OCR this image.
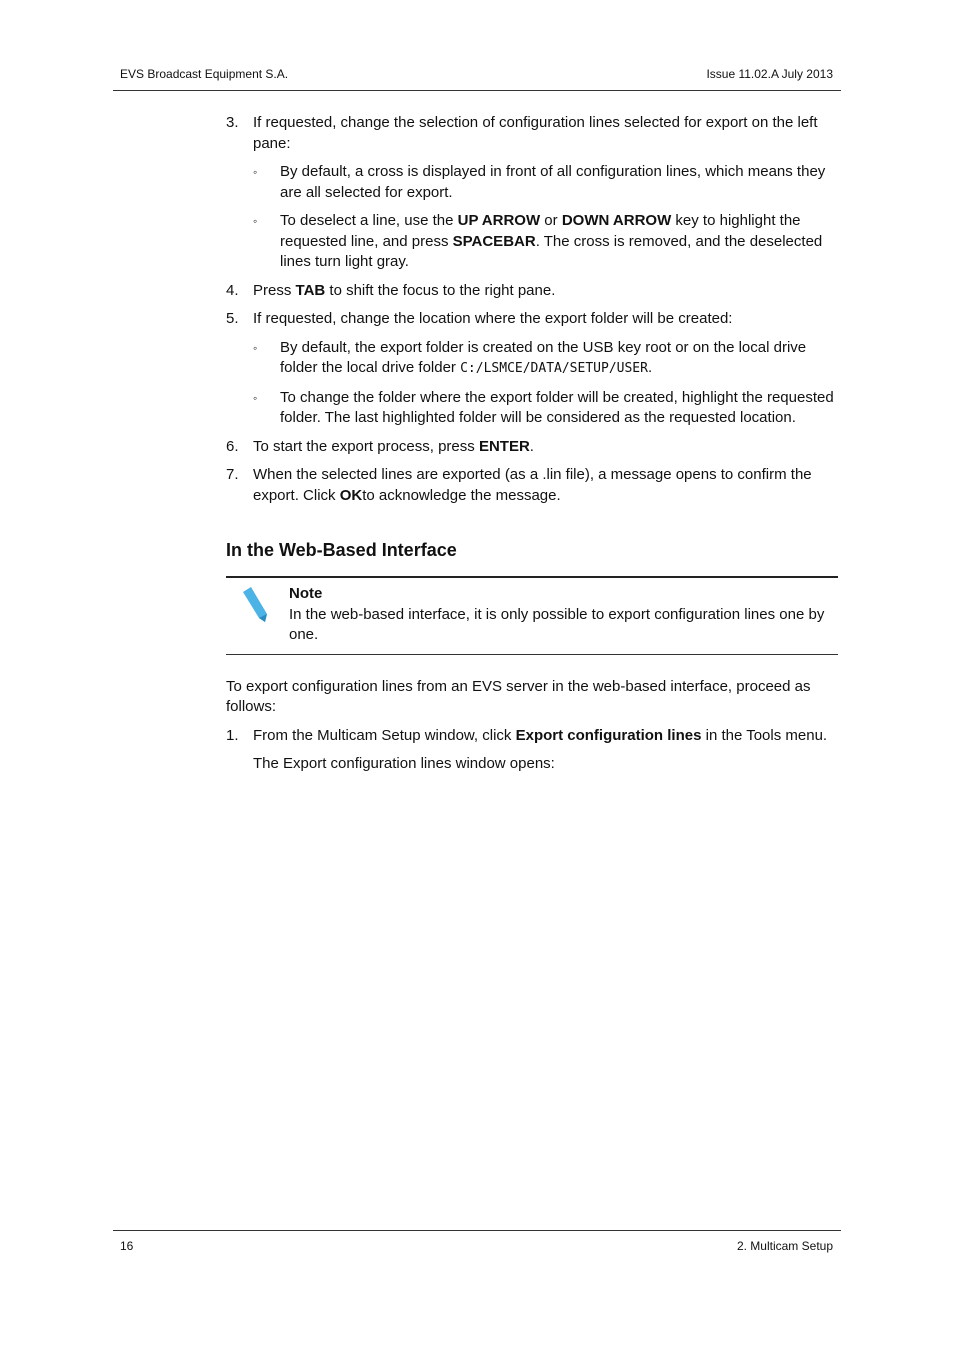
EVS Broadcast Equipment S.A.	Issue 11.02.A July 2013
3. If requested, change the selection of configuration lines selected for export on the left pane:
◦ By default, a cross is displayed in front of all configuration lines, which means they are all selected for export.
◦ To deselect a line, use the UP ARROW or DOWN ARROW key to highlight the requested line, and press SPACEBAR. The cross is removed, and the deselected lines turn light gray.
4. Press TAB to shift the focus to the right pane.
5. If requested, change the location where the export folder will be created:
◦ By default, the export folder is created on the USB key root or on the local drive folder the local drive folder C:/LSMCE/DATA/SETUP/USER.
◦ To change the folder where the export folder will be created, highlight the requested folder. The last highlighted folder will be considered as the requested location.
6. To start the export process, press ENTER.
7. When the selected lines are exported (as a .lin file), a message opens to confirm the export. Click OKto acknowledge the message.
In the Web-Based Interface
Note
In the web-based interface, it is only possible to export configuration lines one by one.
To export configuration lines from an EVS server in the web-based interface, proceed as follows:
1. From the Multicam Setup window, click Export configuration lines in the Tools menu.
The Export configuration lines window opens:
16	2. Multicam Setup
